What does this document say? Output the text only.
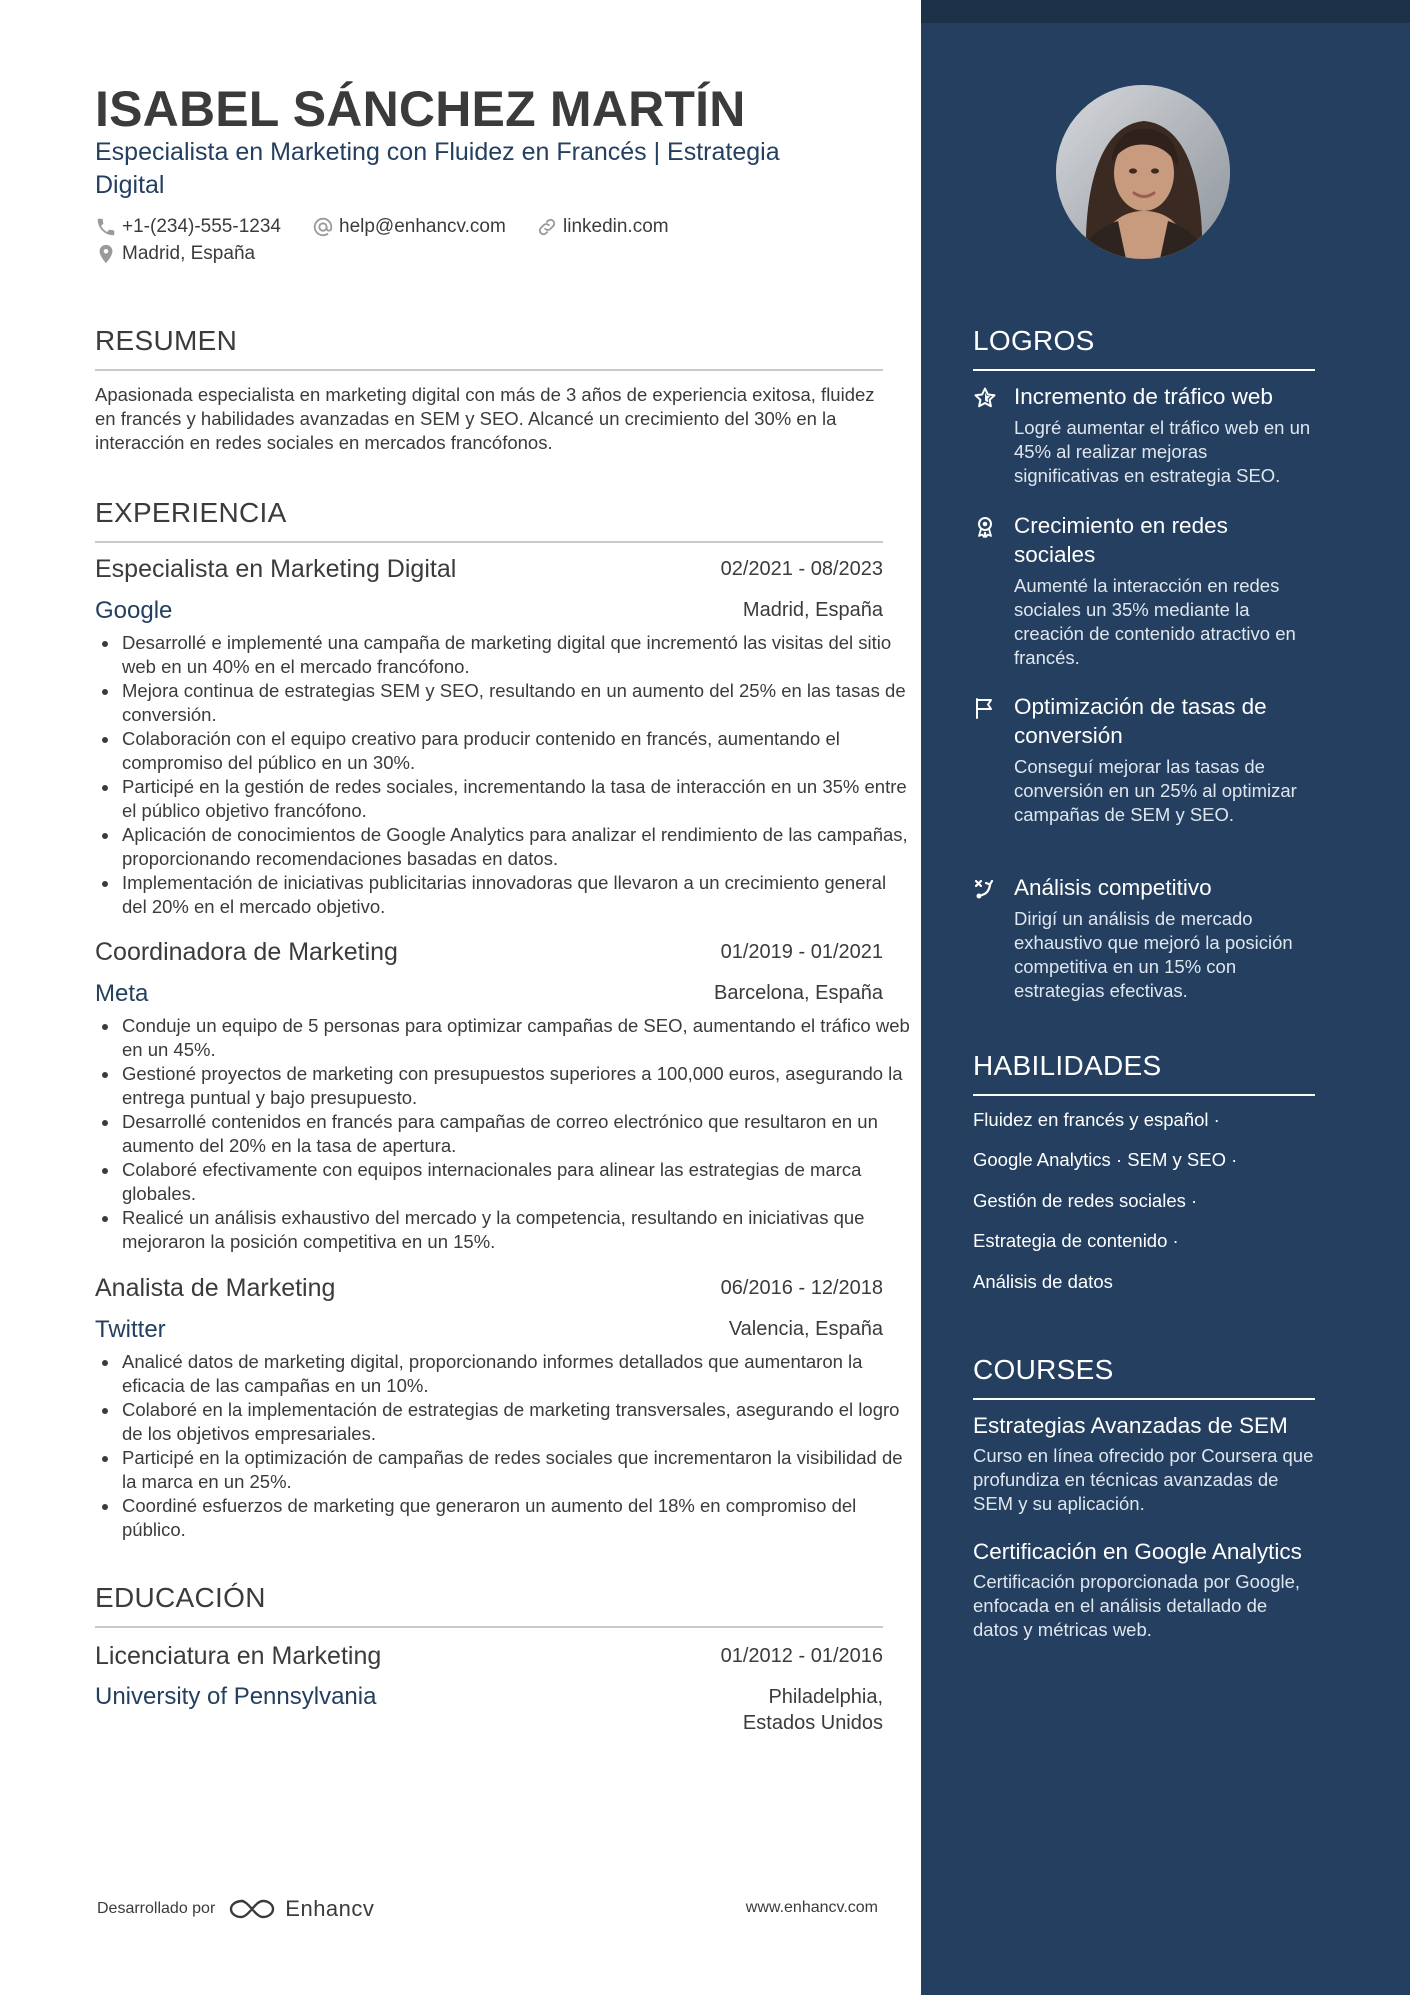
ISABEL SÁNCHEZ MARTÍN
Especialista en Marketing con Fluidez en Francés | Estrategia Digital
+1-(234)-555-1234	help@enhancv.com	linkedin.com
Madrid, España
RESUMEN
Apasionada especialista en marketing digital con más de 3 años de experiencia exitosa, fluidez en francés y habilidades avanzadas en SEM y SEO. Alcancé un crecimiento del 30% en la interacción en redes sociales en mercados francófonos.
EXPERIENCIA
Especialista en Marketing Digital	02/2021 - 08/2023
Google	Madrid, España
Desarrollé e implementé una campaña de marketing digital que incrementó las visitas del sitio web en un 40% en el mercado francófono.
Mejora continua de estrategias SEM y SEO, resultando en un aumento del 25% en las tasas de conversión.
Colaboración con el equipo creativo para producir contenido en francés, aumentando el compromiso del público en un 30%.
Participé en la gestión de redes sociales, incrementando la tasa de interacción en un 35% entre el público objetivo francófono.
Aplicación de conocimientos de Google Analytics para analizar el rendimiento de las campañas, proporcionando recomendaciones basadas en datos.
Implementación de iniciativas publicitarias innovadoras que llevaron a un crecimiento general del 20% en el mercado objetivo.
Coordinadora de Marketing	01/2019 - 01/2021
Meta	Barcelona, España
Conduje un equipo de 5 personas para optimizar campañas de SEO, aumentando el tráfico web en un 45%.
Gestioné proyectos de marketing con presupuestos superiores a 100,000 euros, asegurando la entrega puntual y bajo presupuesto.
Desarrollé contenidos en francés para campañas de correo electrónico que resultaron en un aumento del 20% en la tasa de apertura.
Colaboré efectivamente con equipos internacionales para alinear las estrategias de marca globales.
Realicé un análisis exhaustivo del mercado y la competencia, resultando en iniciativas que mejoraron la posición competitiva en un 15%.
Analista de Marketing	06/2016 - 12/2018
Twitter	Valencia, España
Analicé datos de marketing digital, proporcionando informes detallados que aumentaron la eficacia de las campañas en un 10%.
Colaboré en la implementación de estrategias de marketing transversales, asegurando el logro de los objetivos empresariales.
Participé en la optimización de campañas de redes sociales que incrementaron la visibilidad de la marca en un 25%.
Coordiné esfuerzos de marketing que generaron un aumento del 18% en compromiso del público.
EDUCACIÓN
Licenciatura en Marketing	01/2012 - 01/2016
University of Pennsylvania	Philadelphia,
Estados Unidos
Desarrollado por	Enhancv	www.enhancv.com
LOGROS
Incremento de tráfico web
Logré aumentar el tráfico web en un 45% al realizar mejoras significativas en estrategia SEO.
Crecimiento en redes sociales
Aumenté la interacción en redes sociales un 35% mediante la creación de contenido atractivo en francés.
Optimización de tasas de conversión
Conseguí mejorar las tasas de conversión en un 25% al optimizar campañas de SEM y SEO.
Análisis competitivo
Dirigí un análisis de mercado exhaustivo que mejoró la posición competitiva en un 15% con estrategias efectivas.
HABILIDADES
Fluidez en francés y español ·
Google Analytics · SEM y SEO ·
Gestión de redes sociales ·
Estrategia de contenido ·
Análisis de datos
COURSES
Estrategias Avanzadas de SEM
Curso en línea ofrecido por Coursera que profundiza en técnicas avanzadas de SEM y su aplicación.
Certificación en Google Analytics
Certificación proporcionada por Google, enfocada en el análisis detallado de datos y métricas web.
